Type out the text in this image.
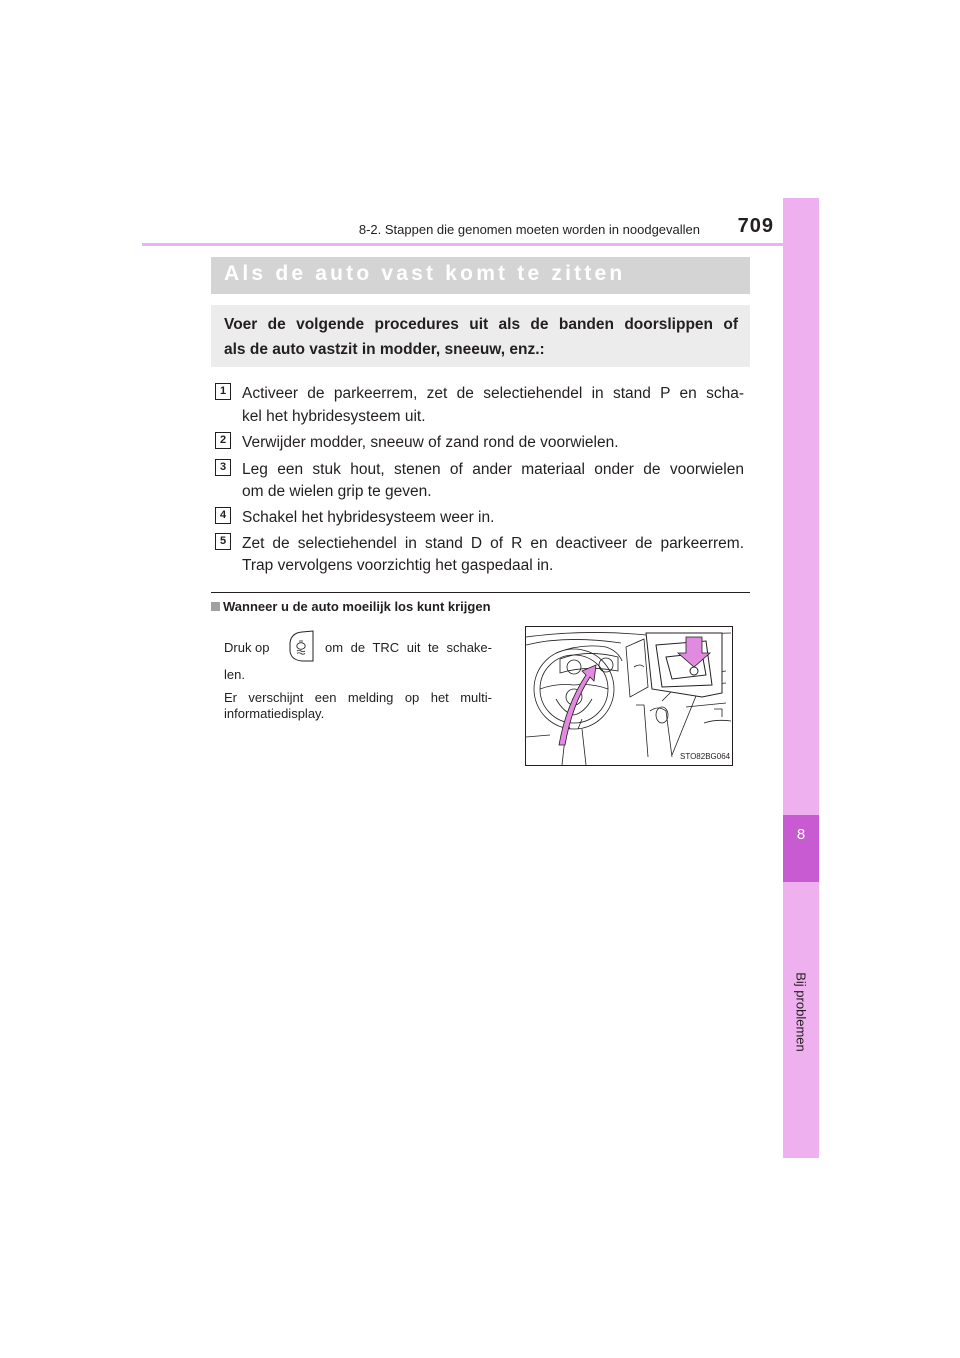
8
Bij problemen
8-2. Stappen die genomen moeten worden in noodgevallen	709
Als de auto vast komt te zitten
Voer de volgende procedures uit als de banden doorslippen of
als de auto vastzit in modder, sneeuw, enz.:
1	Activeer de parkeerrem, zet de selectiehendel in stand P en scha-
kel het hybridesysteem uit.
2	Verwijder modder, sneeuw of zand rond de voorwielen.
3	Leg een stuk hout, stenen of ander materiaal onder de voorwielen
om de wielen grip te geven.
4	Schakel het hybridesysteem weer in.
5	Zet de selectiehendel in stand D of R en deactiveer de parkeerrem.
Trap vervolgens voorzichtig het gaspedaal in.
Wanneer u de auto moeilijk los kunt krijgen
Druk op	om de TRC uit te schake-
len.
Er verschijnt een melding op het multi-
informatiedisplay.
STO82BG064
